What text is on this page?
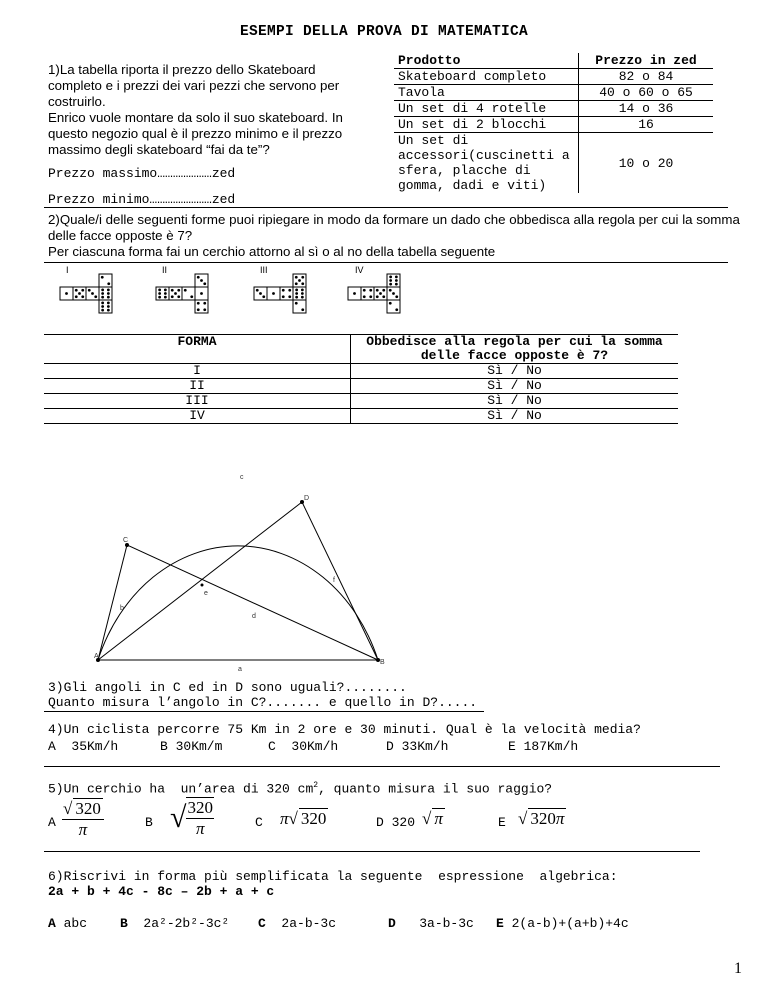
ESEMPI DELLA PROVA DI MATEMATICA

1)La tabella riporta il prezzo dello Skateboard completo e i prezzi dei vari pezzi che servono per costruirlo.

Enrico vuole montare da solo il suo skateboard. In questo negozio qual è il prezzo minimo e il prezzo massimo degli skateboard “fai da te”?

Prezzo massimo…………………zed
Prezzo minimo……………………zed
Prodotto	Prezzo in zed
Skateboard completo	82 o 84
Tavola	40 o 60 o 65
Un set di 4 rotelle	14 o 36
Un set di 2 blocchi	16
Un set di accessori(cuscinetti a sfera, placche di gomma, dadi e viti)	10 o 20

2)Quale/i delle seguenti forme puoi ripiegare in modo da formare un dado che obbedisca alla regola per cui la somma delle facce opposte è 7?

Per ciascuna forma fai un cerchio attorno al sì o al no della tabella seguente

I	II	III	IV
FORMA	Obbedisce alla regola per cui la somma delle facce opposte è 7?
I	Sì / No
II	Sì / No
III	Sì / No
IV	Sì / No
A
B
C
D
a
b
c
d
e
f
3)Gli angoli in C ed in D sono uguali?........
Quanto misura l’angolo in C?....... e quello in D?.....
4)Un ciclista percorre 75 Km in 2 ore e 30 minuti. Qual è la velocità media?
A  35Km/h	B 30Km/m	C  30Km/h	D 33Km/h	E 187Km/h
5)Un cerchio ha  un’area di 320 $cm^2$, quanto misura il suo raggio?
A $\frac{√ 320}{\pi}$	B √ $\frac{320}{\pi}$	C π√ 320	D 320 √ π	E √ 320π
6)Riscrivi in forma più semplificata la seguente  espressione  algebrica:
2a + b + 4c - 8c – 2b + a + c
A abc	B 2a²-2b²-3c² C 2a-b-3c	D 3a-b-3c E 2(a-b)+(a+b)+4c
1
